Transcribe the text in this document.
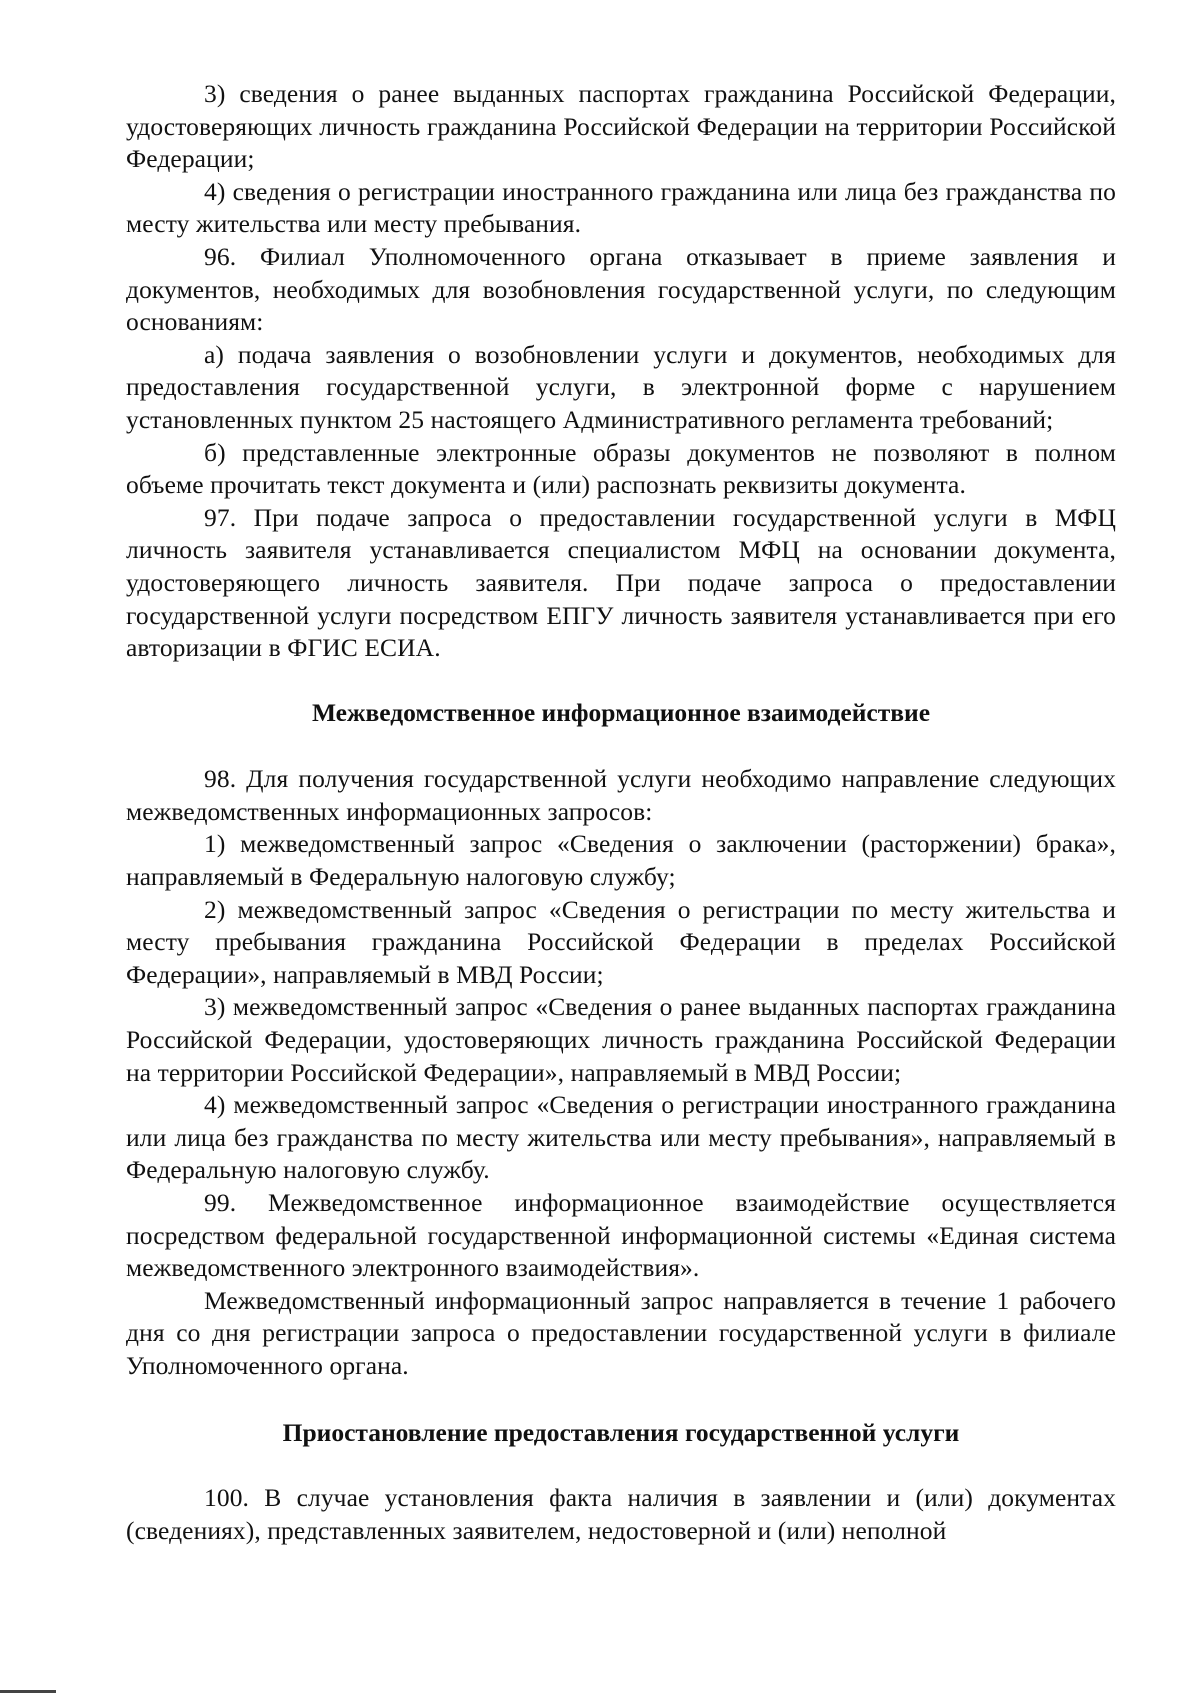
3) сведения о ранее выданных паспортах гражданина Российской Федерации, удостоверяющих личность гражданина Российской Федерации на территории Российской Федерации;

4) сведения о регистрации иностранного гражданина или лица без гражданства по месту жительства или месту пребывания.

96. Филиал Уполномоченного органа отказывает в приеме заявления и документов, необходимых для возобновления государственной услуги, по следующим основаниям:

а) подача заявления о возобновлении услуги и документов, необходимых для предоставления государственной услуги, в электронной форме с нарушением установленных пунктом 25 настоящего Административного регламента требований;

б) представленные электронные образы документов не позволяют в полном объеме прочитать текст документа и (или) распознать реквизиты документа.

97. При подаче запроса о предоставлении государственной услуги в МФЦ личность заявителя устанавливается специалистом МФЦ на основании документа, удостоверяющего личность заявителя. При подаче запроса о предоставлении государственной услуги посредством ЕПГУ личность заявителя устанавливается при его авторизации в ФГИС ЕСИА.

Межведомственное информационное взаимодействие

98. Для получения государственной услуги необходимо направление следующих межведомственных информационных запросов:

1) межведомственный запрос «Сведения о заключении (расторжении) брака», направляемый в Федеральную налоговую службу;

2) межведомственный запрос «Сведения о регистрации по месту жительства и месту пребывания гражданина Российской Федерации в пределах Российской Федерации», направляемый в МВД России;

3) межведомственный запрос «Сведения о ранее выданных паспортах гражданина Российской Федерации, удостоверяющих личность гражданина Российской Федерации на территории Российской Федерации», направляемый в МВД России;

4) межведомственный запрос «Сведения о регистрации иностранного гражданина или лица без гражданства по месту жительства или месту пребывания», направляемый в Федеральную налоговую службу.

99. Межведомственное информационное взаимодействие осуществляется посредством федеральной государственной информационной системы «Единая система межведомственного электронного взаимодействия».

Межведомственный информационный запрос направляется в течение 1 рабочего дня со дня регистрации запроса о предоставлении государственной услуги в филиале Уполномоченного органа.

Приостановление предоставления государственной услуги

100. В случае установления факта наличия в заявлении и (или) документах (сведениях), представленных заявителем, недостоверной и (или) неполной
